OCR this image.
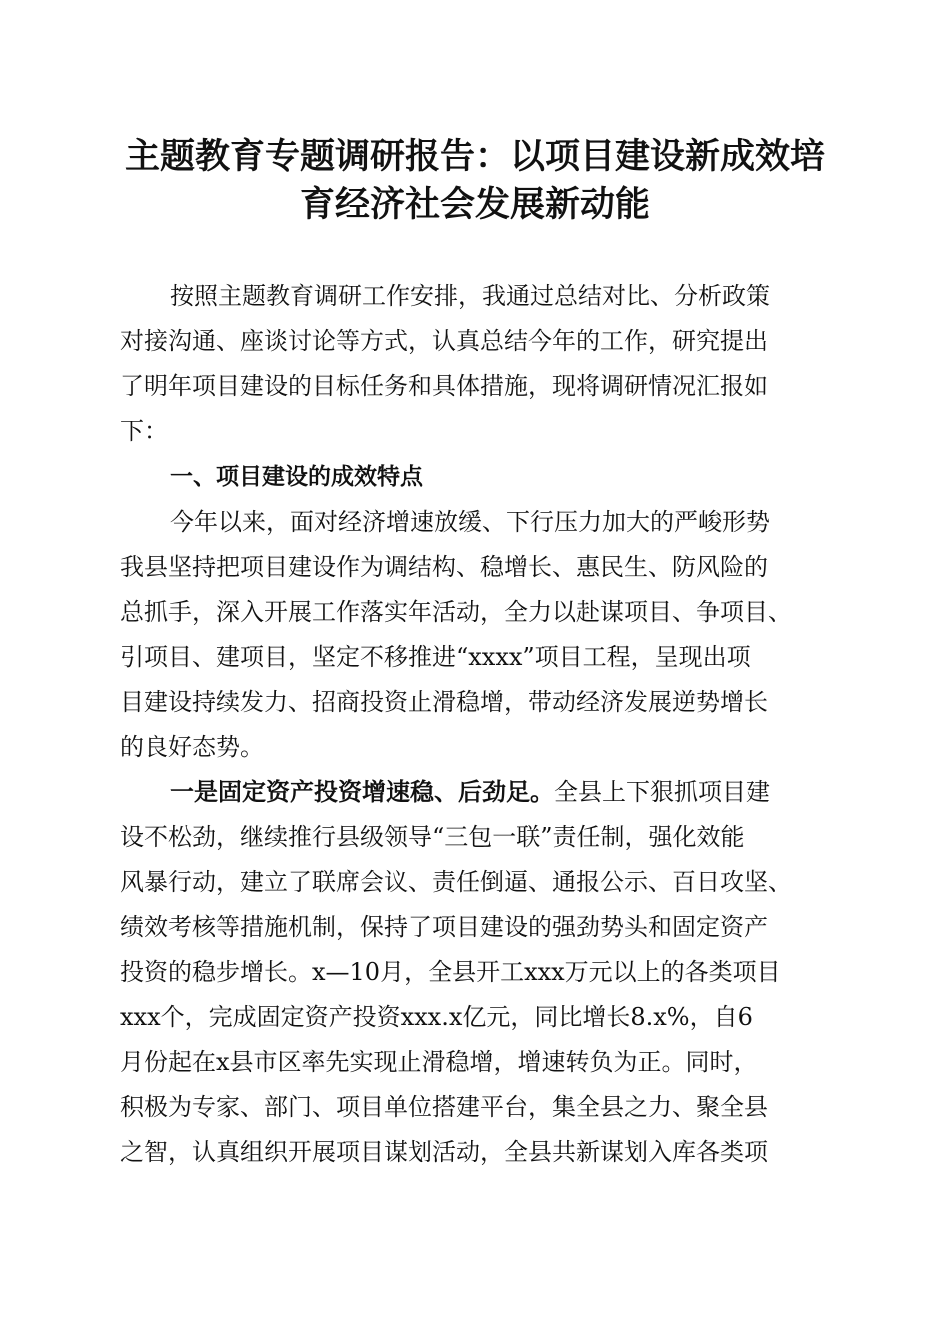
主题教育专题调研报告：以项目建设新成效培
育经济社会发展新动能
按照主题教育调研工作安排，我通过总结对比、分析政策
对接沟通、座谈讨论等方式，认真总结今年的工作，研究提出
了明年项目建设的目标任务和具体措施，现将调研情况汇报如
下：
一、项目建设的成效特点
今年以来，面对经济增速放缓、下行压力加大的严峻形势
我县坚持把项目建设作为调结构、稳增长、惠民生、防风险的
总抓手，深入开展工作落实年活动，全力以赴谋项目、争项目、
引项目、建项目，坚定不移推进“xxxx”项目工程，呈现出项
目建设持续发力、招商投资止滑稳增，带动经济发展逆势增长
的良好态势。
一是固定资产投资增速稳、后劲足。全县上下狠抓项目建
设不松劲，继续推行县级领导“三包一联”责任制，强化效能
风暴行动，建立了联席会议、责任倒逼、通报公示、百日攻坚、
绩效考核等措施机制，保持了项目建设的强劲势头和固定资产
投资的稳步增长。x—10月，全县开工xxx万元以上的各类项目
xxx个，完成固定资产投资xxx.x亿元，同比增长8.x%，自6
月份起在x县市区率先实现止滑稳增，增速转负为正。同时，
积极为专家、部门、项目单位搭建平台，集全县之力、聚全县
之智，认真组织开展项目谋划活动，全县共新谋划入库各类项
